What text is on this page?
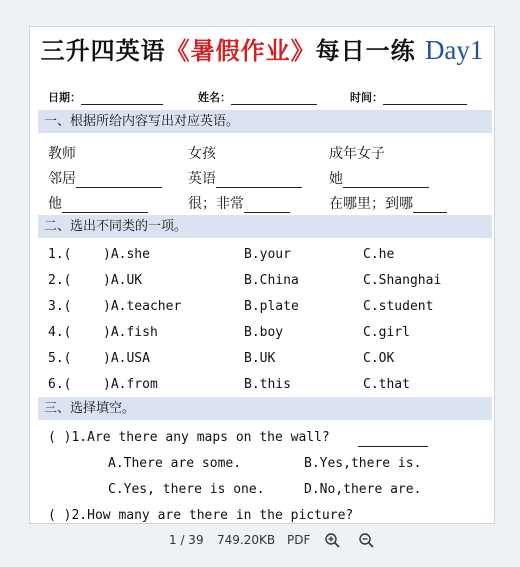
三升四英语《暑假作业》每日一练 Day1
日期：	姓名：	时间：
一、根据所给内容写出对应英语。
教师	女孩	成年女子
邻居	英语	她
他	很；非常	在哪里；到哪
二、选出不同类的一项。
1.( )A.she	B.your	C.he
2.( )A.UK	B.China	C.Shanghai
3.( )A.teacher	B.plate	C.student
4.( )A.fish	B.boy	C.girl
5.( )A.USA	B.UK	C.OK
6.( )A.from	B.this	C.that
三、选择填空。
( )1.Are there any maps on the wall?
A.There are some.	B.Yes,there is.
C.Yes, there is one.	D.No,there are.
( )2.How many are there in the picture?
1 / 39 749.20KB PDF
